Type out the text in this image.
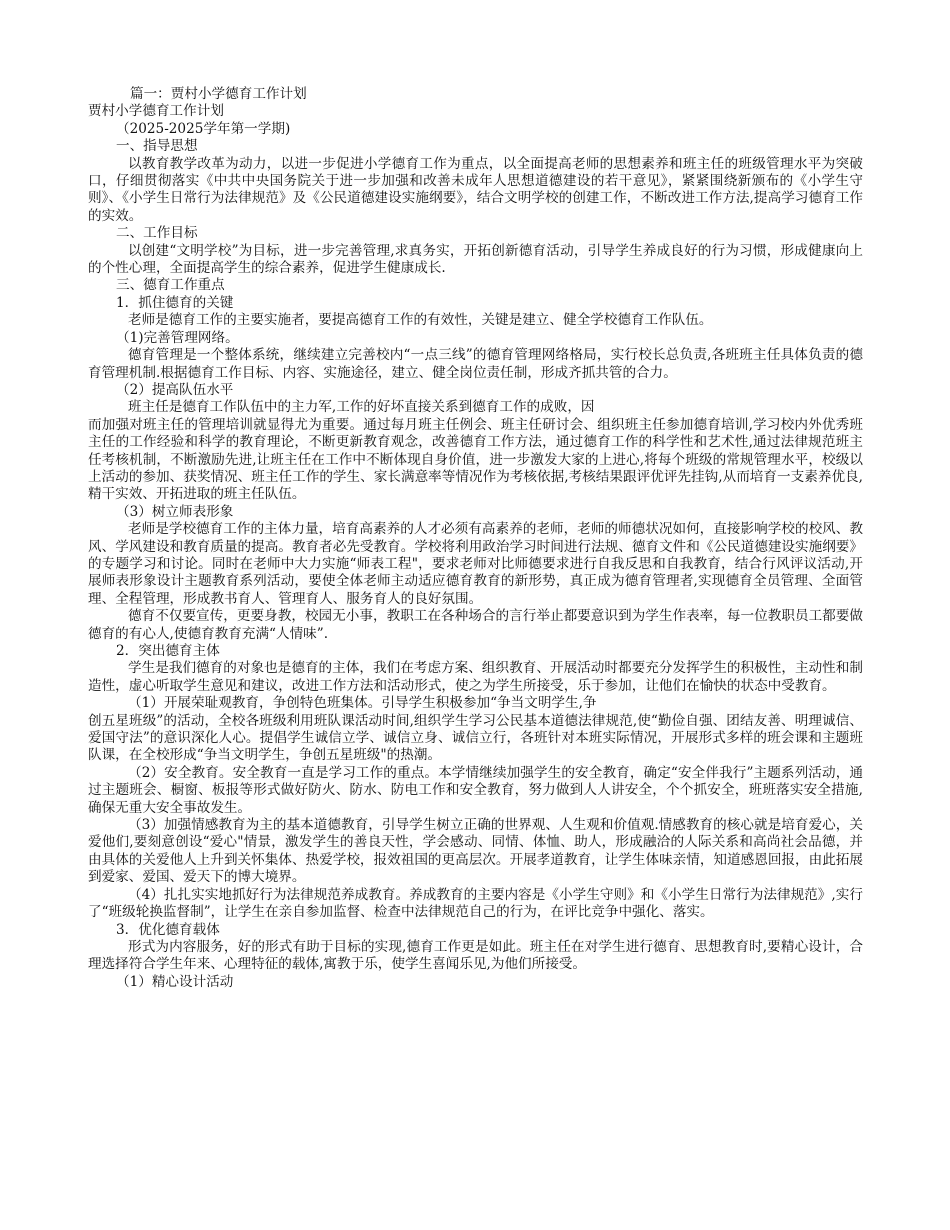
篇一：贾村小学德育工作计划

贾村小学德育工作计划

（2025-2025学年第一学期)

一、指导思想

以教育教学改革为动力，以进一步促进小学德育工作为重点，以全面提高老师的思想素养和班主任的班级管理水平为突破口，仔细贯彻落实《中共中央国务院关于进一步加强和改善未成年人思想道德建设的若干意见》，紧紧围绕新颁布的《小学生守则》、《小学生日常行为法律规范》及《公民道德建设实施纲要》，结合文明学校的创建工作，不断改进工作方法,提高学习德育工作的实效。

二、工作目标

以创建“文明学校”为目标，进一步完善管理,求真务实，开拓创新德育活动，引导学生养成良好的行为习惯，形成健康向上的个性心理，全面提高学生的综合素养，促进学生健康成长.

三、德育工作重点

1．抓住德育的关键

老师是德育工作的主要实施者，要提高德育工作的有效性，关键是建立、健全学校德育工作队伍。

（1)完善管理网络。

德育管理是一个整体系统，继续建立完善校内“一点三线”的德育管理网络格局，实行校长总负责,各班班主任具体负责的德育管理机制.根据德育工作目标、内容、实施途径，建立、健全岗位责任制，形成齐抓共管的合力。

（2）提高队伍水平

班主任是德育工作队伍中的主力军,工作的好坏直接关系到德育工作的成败，因

而加强对班主任的管理培训就显得尤为重要。通过每月班主任例会、班主任研讨会、组织班主任参加德育培训,学习校内外优秀班主任的工作经验和科学的教育理论，不断更新教育观念，改善德育工作方法，通过德育工作的科学性和艺术性,通过法律规范班主任考核机制，不断激励先进,让班主任在工作中不断体现自身价值，进一步激发大家的上进心,将每个班级的常规管理水平，校级以上活动的参加、获奖情况、班主任工作的学生、家长满意率等情况作为考核依据,考核结果跟评优评先挂钩,从而培育一支素养优良,精干实效、开拓进取的班主任队伍。

（3）树立师表形象

老师是学校德育工作的主体力量，培育高素养的人才必须有高素养的老师，老师的师德状况如何，直接影响学校的校风、教风、学风建设和教育质量的提高。教育者必先受教育。学校将利用政治学习时间进行法规、德育文件和《公民道德建设实施纲要》的专题学习和讨论。同时在老师中大力实施“师表工程"，要求老师对比师德要求进行自我反思和自我教育，结合行风评议活动,开展师表形象设计主题教育系列活动，要使全体老师主动适应德育教育的新形势，真正成为德育管理者,实现德育全员管理、全面管理、全程管理，形成教书育人、管理育人、服务育人的良好氛围。

德育不仅要宣传，更要身教，校园无小事，教职工在各种场合的言行举止都要意识到为学生作表率，每一位教职员工都要做德育的有心人,使德育教育充满“人情味”.

2．突出德育主体

学生是我们德育的对象也是德育的主体，我们在考虑方案、组织教育、开展活动时都要充分发挥学生的积极性，主动性和制造性，虚心听取学生意见和建议，改进工作方法和活动形式，使之为学生所接受，乐于参加，让他们在愉快的状态中受教育。

（1）开展荣耻观教育，争创特色班集体。引导学生积极参加“争当文明学生,争

创五星班级”的活动，全校各班级利用班队课活动时间,组织学生学习公民基本道德法律规范,使“勤俭自强、团结友善、明理诚信、爱国守法”的意识深化人心。提倡学生诚信立学、诚信立身、诚信立行，各班针对本班实际情况，开展形式多样的班会课和主题班队课，在全校形成“争当文明学生，争创五星班级"的热潮。

（2）安全教育。安全教育一直是学习工作的重点。本学情继续加强学生的安全教育，确定“安全伴我行”主题系列活动，通过主题班会、橱窗、板报等形式做好防火、防水、防电工作和安全教育，努力做到人人讲安全，个个抓安全，班班落实安全措施,确保无重大安全事故发生。

（3）加强情感教育为主的基本道德教育，引导学生树立正确的世界观、人生观和价值观.情感教育的核心就是培育爱心，关爱他们,要刻意创设“爱心"情景，激发学生的善良天性，学会感动、同情、体恤、助人，形成融洽的人际关系和高尚社会品德，并由具体的关爱他人上升到关怀集体、热爱学校，报效祖国的更高层次。开展孝道教育，让学生体味亲情，知道感恩回报，由此拓展到爱家、爱国、爱天下的博大境界。

（4）扎扎实实地抓好行为法律规范养成教育。养成教育的主要内容是《小学生守则》和《小学生日常行为法律规范》,实行了“班级轮换监督制”，让学生在亲自参加监督、检查中法律规范自己的行为，在评比竞争中强化、落实。

3．优化德育载体

形式为内容服务，好的形式有助于目标的实现,德育工作更是如此。班主任在对学生进行德育、思想教育时,要精心设计，合理选择符合学生年来、心理特征的载体,寓教于乐，使学生喜闻乐见,为他们所接受。

（1）精心设计活动
